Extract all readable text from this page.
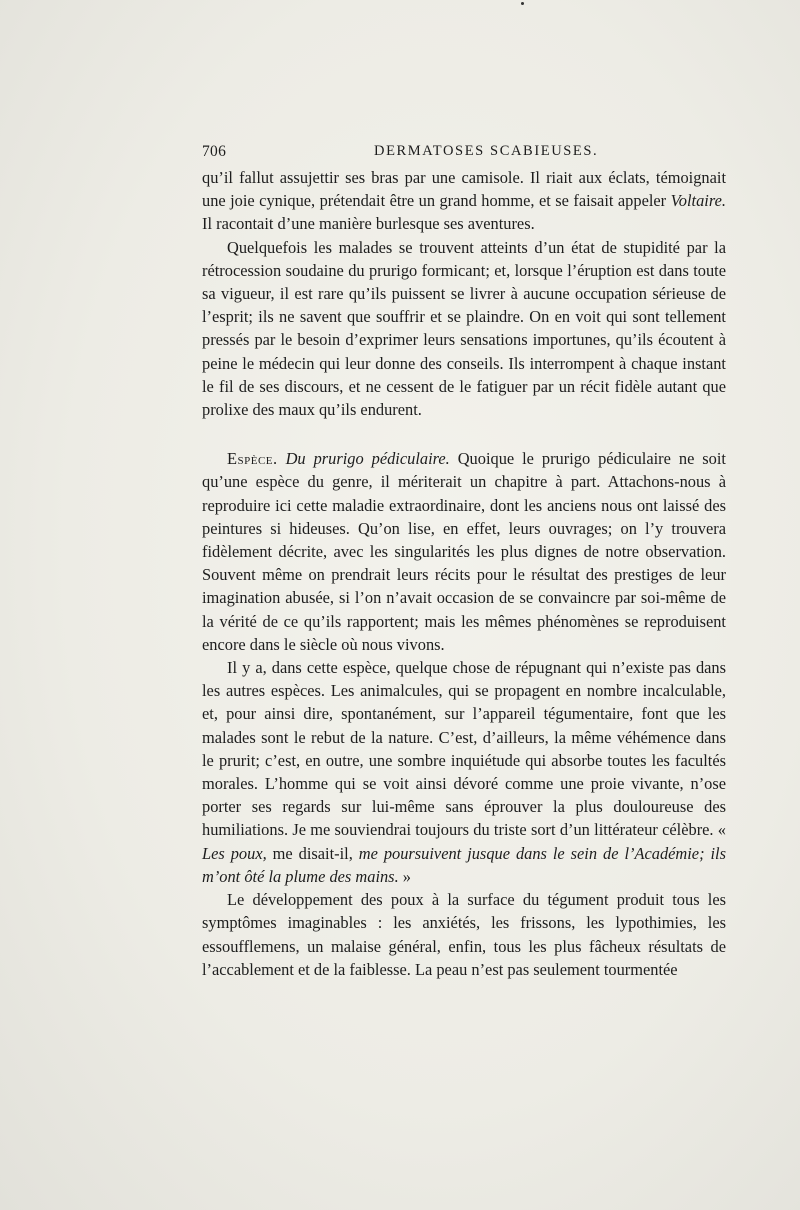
706	DERMATOSES SCABIEUSES.

qu’il fallut assujettir ses bras par une camisole. Il riait aux éclats, témoignait une joie cynique, prétendait être un grand homme, et se faisait appeler Voltaire. Il racontait d’une manière burlesque ses aventures.

Quelquefois les malades se trouvent atteints d’un état de stupidité par la rétrocession soudaine du prurigo formicant; et, lorsque l’éruption est dans toute sa vigueur, il est rare qu’ils puissent se livrer à aucune occupation sérieuse de l’esprit; ils ne savent que souffrir et se plaindre. On en voit qui sont tellement pressés par le besoin d’exprimer leurs sensations importunes, qu’ils écoutent à peine le médecin qui leur donne des conseils. Ils interrompent à chaque instant le fil de ses discours, et ne cessent de le fatiguer par un récit fidèle autant que prolixe des maux qu’ils endurent.

Espèce. Du prurigo pédiculaire. Quoique le prurigo pédiculaire ne soit qu’une espèce du genre, il mériterait un chapitre à part. Attachons-nous à reproduire ici cette maladie extraordinaire, dont les anciens nous ont laissé des peintures si hideuses. Qu’on lise, en effet, leurs ouvrages; on l’y trouvera fidèlement décrite, avec les singularités les plus dignes de notre observation. Souvent même on prendrait leurs récits pour le résultat des prestiges de leur imagination abusée, si l’on n’avait occasion de se convaincre par soi-même de la vérité de ce qu’ils rapportent; mais les mêmes phénomènes se reproduisent encore dans le siècle où nous vivons.

Il y a, dans cette espèce, quelque chose de répugnant qui n’existe pas dans les autres espèces. Les animalcules, qui se propagent en nombre incalculable, et, pour ainsi dire, spontanément, sur l’appareil tégumentaire, font que les malades sont le rebut de la nature. C’est, d’ailleurs, la même véhémence dans le prurit; c’est, en outre, une sombre inquiétude qui absorbe toutes les facultés morales. L’homme qui se voit ainsi dévoré comme une proie vivante, n’ose porter ses regards sur lui-même sans éprouver la plus douloureuse des humiliations. Je me souviendrai toujours du triste sort d’un littérateur célèbre. « Les poux, me disait-il, me poursuivent jusque dans le sein de l’Académie; ils m’ont ôté la plume des mains. »

Le développement des poux à la surface du tégument produit tous les symptômes imaginables : les anxiétés, les frissons, les lypothimies, les essoufflemens, un malaise général, enfin, tous les plus fâcheux résultats de l’accablement et de la faiblesse. La peau n’est pas seulement tourmentée
